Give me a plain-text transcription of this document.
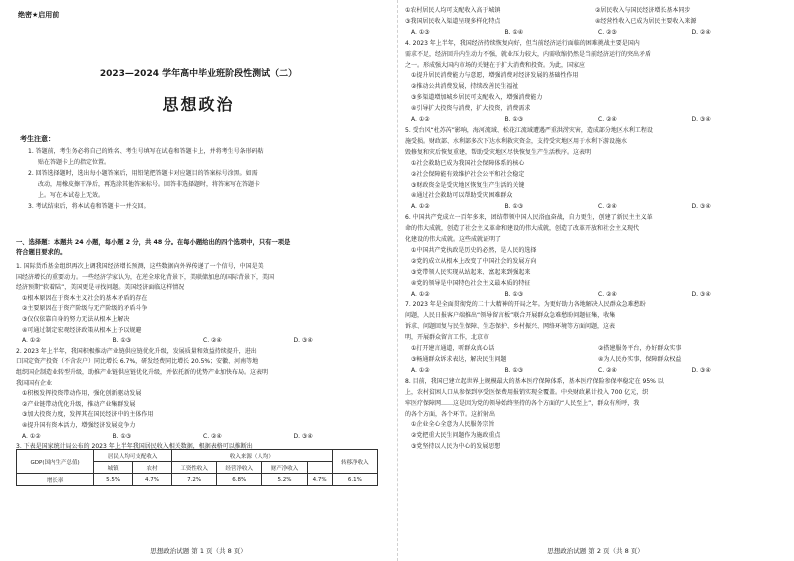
绝密★启用前
2023—2024 学年高中毕业班阶段性测试（二）
思想政治
考生注意：

1. 答题前，考生务必将自己的姓名、考生号填写在试卷和答题卡上，并将考生号条形码粘

贴在答题卡上的指定位置。

2. 回答选择题时，选出每小题答案后，用铅笔把答题卡对应题目的答案标号涂黑。如需

改动，用橡皮擦干净后，再选涂其他答案标号。回答非选择题时，将答案写在答题卡

上。写在本试卷上无效。

3. 考试结束后，将本试卷和答题卡一并交回。

一、选择题：本题共 24 小题，每小题 2 分，共 48 分。在每小题给出的四个选项中，只有一项是

符合题目要求的。

1. 国际货币基金组织再次上调我国经济增长预测，这些数据向外界传递了一个信号，中国是美

国经济增长的重要动力。一些经济学家认为，在逆全球化背景下，美联储加息的国际背景下，美国

经济预期“软着陆”，美国更是寻找问题。美国经济面临这样情况

①根本原因在于资本主义社会的基本矛盾的存在

②主要原因在于资产阶级与无产阶级的矛盾斗争

③仅仅依靠自身的努力无法从根本上解决

④可通过制定宏观经济政策从根本上予以规避

A. ①②	B. ①③	C. ②④	D. ③④

2. 2023 年上半年，我国积极推动产业链供应链优化升级，发展质量和效益持续提升，进出

口国定资产投资（不含农户）同比增长 6.7%，研发经费同比增长 20.5%；安徽、河南等地

组织国企制造业转型升级，助推产业链供应链优化升级，并依托新的优势产业加快布局。这表明

我国国有企业

①积极发挥投资带动作用，强化创新驱动发展

②产业链带动优化升级，推动产业集群发展

③加大投资力度，发挥其在国民经济中的主体作用

④提升国有资本活力，增强经济发展竞争力

A. ①②	B. ①③	C. ②④	D. ③④

3. 下表是国家统计局公布的 2023 年上半年我国居民收入相关数据，根据表格可以推断出

GDP(国内生产总值)	居民人均可支配收入		收入来源（人均）				转移净收入
	城镇	农村	工资性收入	经营净收入	财产净收入		
增长率	5.5%	4.7%	7.2%	6.8%	5.2%	4.7%	6.1%
思想政治试题 第 1 页（共 8 页）
①农村居民人均可支配收入高于城镇	②居民收入与国民经济增长基本同步
③我国居民收入渠道呈现多样化特点	④经营性收入已成为居民主要收入来源
A. ①③	B. ①④	C. ②③	D. ②④

4. 2023 年上半年，我国经济持续恢复向好，但当前经济运行面临的困难挑战主要是国内

需求不足，经济回升内生动力不强，就业压力较大，内需收缩仍然是当前经济运行的突出矛盾

之一。形成强大国内市场的关键在于扩大消费和投资。为此，国家应

①提升居民消费能力与意愿，增强消费对经济发展的基础性作用

②推动公共消费发展，持续改善民生福祉

③多渠道增加城乡居民可支配收入，增强消费能力

④引导扩大投资与消费，扩大投资，消费需求

A. ①②	B. ①③	C. ②④	D. ③④

5. 受台风“杜苏芮”影响，海河流域、松花江流域遭遇严重洪涝灾害，造成部分地区水利工程设

施受损。财政部、水利部多次下达水利救灾资金，支持受灾地区用于水利下游设施水

毁修复和灾后恢复重建，帮助受灾地区尽快恢复生产生活秩序。这表明

①社会救助已成为我国社会保障体系的核心

②社会保障能有效维护社会公平和社会稳定

③财政资金是受灾地区恢复生产生活的关键

④通过社会救助可以帮助受灾困难群众

A. ①②	B. ①③	C. ②④	D. ③④

6. 中国共产党成立一百年多来，团结带领中国人民浴血奋战，自力更生，创建了新民主主义革

命的伟大成就，创造了社会主义革命和建设的伟大成就，创造了改革开放和社会主义现代

化建设的伟大成就。这些成就证明了

①中国共产党执政是历史的必然，是人民的选择

②党的成立从根本上改变了中国社会的发展方向

③党带领人民实现从站起来、富起来到强起来

④党的领导是中国特色社会主义最本质的特征

A. ①②	B. ①③	C. ②④	D. ③④

7. 2023 年是全面贯彻党的二十大精神的开局之年。为更好助力各地解决人民群众急难愁盼

问题，人民日报客户端推出“领导留言板”联合开展群众急难愁盼问题征集，收集

诉求、问题回复与民生保障、生态保护、乡村振兴、网络环境等方面问题，这表

明，开展群众留言工作，北京市

①打开建言通道，听群众真心话	②搭建服务平台，办好群众实事
③畅通群众诉求表达，解决民生问题	④为人民办实事，保障群众权益
A. ①②	B. ①③	C. ②④	D. ③④

8. 目前，我国已建立起世界上规模最大的基本医疗保障体系，基本医疗保险参保率稳定在 95% 以

上，农村贫困人口从参保到享受医保费用报销实现全覆盖。中央财政累计投入 700 亿元，织

牢医疗保障网……这是因为党的领导始终坚持的各个方面的“人民至上”，群众有所呼，我

的各个方面，各个环节。这折射出

①企业全心全意为人民服务宗旨

②党把重大民生问题作为施政重点

③党坚持以人民为中心的发展思想

思想政治试题 第 2 页（共 8 页）
